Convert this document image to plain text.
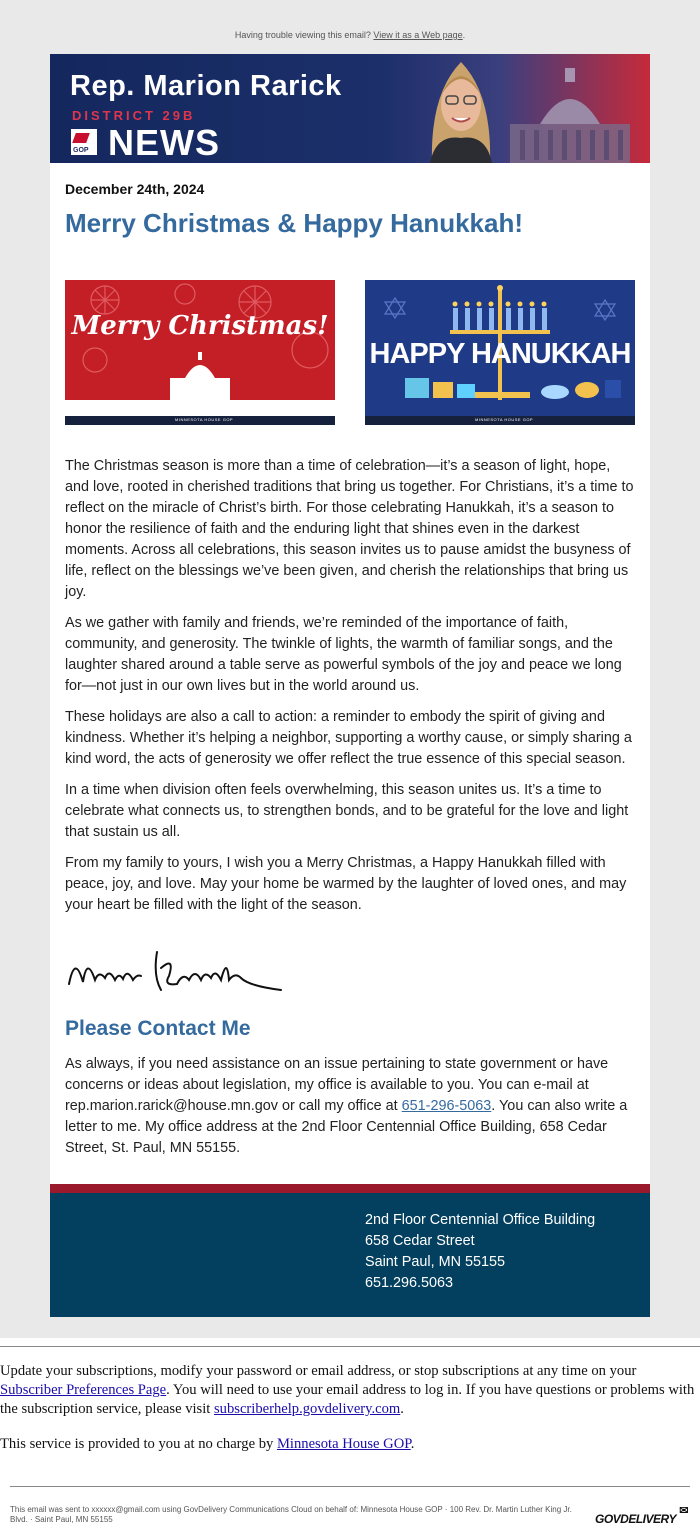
Having trouble viewing this email? View it as a Web page.
Rep. Marion Rarick
DISTRICT 29B
GOP NEWS
December 24th, 2024
Merry Christmas & Happy Hanukkah!
Merry Christmas!
MINNESOTA HOUSE GOP
HAPPY HANUKKAH
MINNESOTA HOUSE GOP

The Christmas season is more than a time of celebration—it’s a season of light, hope, and love, rooted in cherished traditions that bring us together. For Christians, it’s a time to reflect on the miracle of Christ’s birth. For those celebrating Hanukkah, it’s a season to honor the resilience of faith and the enduring light that shines even in the darkest moments. Across all celebrations, this season invites us to pause amidst the busyness of life, reflect on the blessings we’ve been given, and cherish the relationships that bring us joy.

As we gather with family and friends, we’re reminded of the importance of faith, community, and generosity. The twinkle of lights, the warmth of familiar songs, and the laughter shared around a table serve as powerful symbols of the joy and peace we long for—not just in our own lives but in the world around us.

These holidays are also a call to action: a reminder to embody the spirit of giving and kindness. Whether it’s helping a neighbor, supporting a worthy cause, or simply sharing a kind word, the acts of generosity we offer reflect the true essence of this special season.

In a time when division often feels overwhelming, this season unites us. It’s a time to celebrate what connects us, to strengthen bonds, and to be grateful for the love and light that sustain us all.

From my family to yours, I wish you a Merry Christmas, a Happy Hanukkah filled with peace, joy, and love. May your home be warmed by the laughter of loved ones, and may your heart be filled with the light of the season.

Please Contact Me
As always, if you need assistance on an issue pertaining to state government or have concerns or ideas about legislation, my office is available to you. You can e-mail at rep.marion.rarick@house.mn.gov or call my office at 651-296-5063. You can also write a letter to me. My office address at the 2nd Floor Centennial Office Building, 658 Cedar Street, St. Paul, MN 55155.
2nd Floor Centennial Office Building
658 Cedar Street
Saint Paul, MN 55155
651.296.5063

Update your subscriptions, modify your password or email address, or stop subscriptions at any time on your Subscriber Preferences Page. You will need to use your email address to log in. If you have questions or problems with the subscription service, please visit subscriberhelp.govdelivery.com.

This service is provided to you at no charge by Minnesota House GOP.

This email was sent to xxxxxx@gmail.com using GovDelivery Communications Cloud on behalf of: Minnesota House GOP · 100 Rev. Dr. Martin Luther King Jr. Blvd. · Saint Paul, MN 55155	GOVDELIVERY
✉
